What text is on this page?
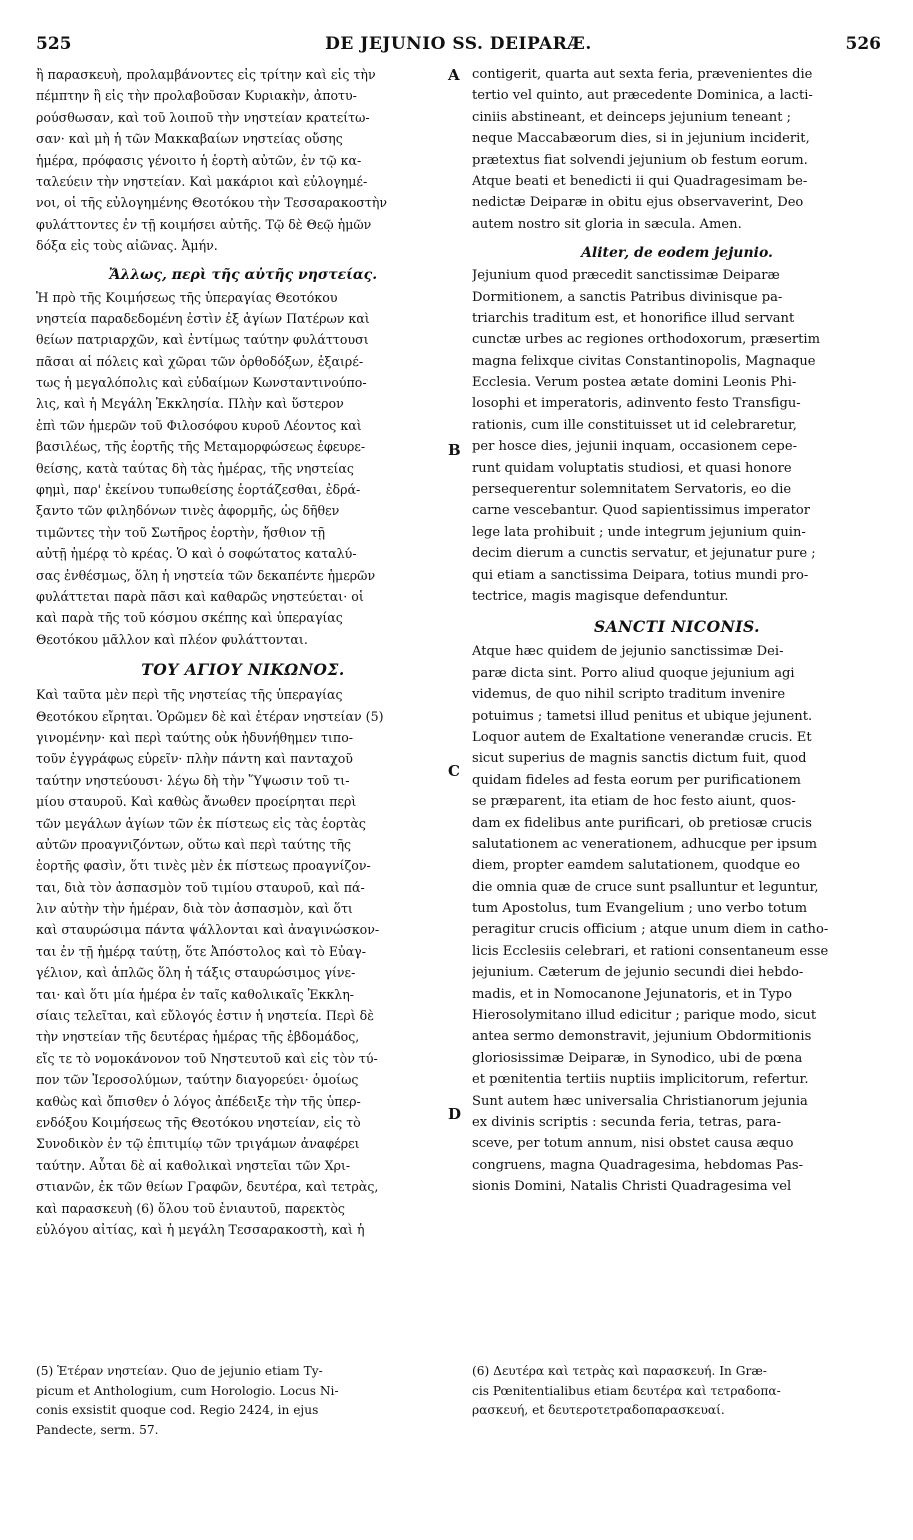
525	DE JEJUNIO SS. DEIPARÆ.	526
A
B
C
D
ἢ παρασκευὴ, προλαμβάνοντες εἰς τρίτην καὶ εἰς τὴν
πέμπτην ἢ εἰς τὴν προλαβοῦσαν Κυριακὴν, ἀποτυ-
ρούσθωσαν, καὶ τοῦ λοιποῦ τὴν νηστείαν κρατείτω-
σαν· καὶ μὴ ἡ τῶν Μακκαβαίων νηστείας οὔσης
ἡμέρα, πρόφασις γένοιτο ἡ ἑορτὴ αὐτῶν, ἐν τῷ κα-
ταλεύειν τὴν νηστείαν. Καὶ μακάριοι καὶ εὐλογημέ-
νοι, οἱ τῆς εὐλογημένης Θεοτόκου τὴν Τεσσαρακοστὴν
φυλάττοντες ἐν τῇ κοιμήσει αὐτῆς. Τῷ δὲ Θεῷ ἡμῶν
δόξα εἰς τοὺς αἰῶνας. Ἀμήν.
Ἄλλως, περὶ τῆς αὐτῆς νηστείας.
Ἡ πρὸ τῆς Κοιμήσεως τῆς ὑπεραγίας Θεοτόκου
νηστεία παραδεδομένη ἐστὶν ἐξ ἁγίων Πατέρων καὶ
θείων πατριαρχῶν, καὶ ἐντίμως ταύτην φυλάττουσι
πᾶσαι αἱ πόλεις καὶ χῶραι τῶν ὀρθοδόξων, ἐξαιρέ-
τως ἡ μεγαλόπολις καὶ εὐδαίμων Κωνσταντινούπο-
λις, καὶ ἡ Μεγάλη Ἐκκλησία. Πλὴν καὶ ὕστερον
ἐπὶ τῶν ἡμερῶν τοῦ Φιλοσόφου κυροῦ Λέοντος καὶ
βασιλέως, τῆς ἑορτῆς τῆς Μεταμορφώσεως ἐφευρε-
θείσης, κατὰ ταύτας δὴ τὰς ἡμέρας, τῆς νηστείας
φημὶ, παρ' ἐκείνου τυπωθείσης ἑορτάζεσθαι, ἐδρά-
ξαντο τῶν φιληδόνων τινὲς ἀφορμῆς, ὡς δῆθεν
τιμῶντες τὴν τοῦ Σωτῆρος ἑορτὴν, ἤσθιον τῇ
αὐτῇ ἡμέρᾳ τὸ κρέας. Ὁ καὶ ὁ σοφώτατος καταλύ-
σας ἐνθέσμως, ὅλη ἡ νηστεία τῶν δεκαπέντε ἡμερῶν
φυλάττεται παρὰ πᾶσι καὶ καθαρῶς νηστεύεται· οἱ
καὶ παρὰ τῆς τοῦ κόσμου σκέπης καὶ ὑπεραγίας
Θεοτόκου μᾶλλον καὶ πλέον φυλάττονται.
ΤΟΥ ΑΓΙΟΥ ΝΙΚΩΝΟΣ.
Καὶ ταῦτα μὲν περὶ τῆς νηστείας τῆς ὑπεραγίας
Θεοτόκου εἴρηται. Ὁρῶμεν δὲ καὶ ἑτέραν νηστείαν (5)
γινομένην· καὶ περὶ ταύτης οὐκ ἠδυνήθημεν τιπο-
τοῦν ἐγγράφως εὑρεῖν· πλὴν πάντη καὶ πανταχοῦ
ταύτην νηστεύουσι· λέγω δὴ τὴν Ὕψωσιν τοῦ τι-
μίου σταυροῦ. Καὶ καθὼς ἄνωθεν προείρηται περὶ
τῶν μεγάλων ἁγίων τῶν ἐκ πίστεως εἰς τὰς ἑορτὰς
αὐτῶν προαγνιζόντων, οὕτω καὶ περὶ ταύτης τῆς
ἑορτῆς φασὶν, ὅτι τινὲς μὲν ἐκ πίστεως προαγνίζον-
ται, διὰ τὸν ἀσπασμὸν τοῦ τιμίου σταυροῦ, καὶ πά-
λιν αὐτὴν τὴν ἡμέραν, διὰ τὸν ἀσπασμὸν, καὶ ὅτι
καὶ σταυρώσιμα πάντα ψάλλονται καὶ ἀναγινώσκον-
ται ἐν τῇ ἡμέρᾳ ταύτῃ, ὅτε Ἀπόστολος καὶ τὸ Εὐαγ-
γέλιον, καὶ ἁπλῶς ὅλη ἡ τάξις σταυρώσιμος γίνε-
ται· καὶ ὅτι μία ἡμέρα ἐν ταῖς καθολικαῖς Ἐκκλη-
σίαις τελεῖται, καὶ εὔλογός ἐστιν ἡ νηστεία. Περὶ δὲ
τὴν νηστείαν τῆς δευτέρας ἡμέρας τῆς ἑβδομάδος,
εἴς τε τὸ νομοκάνονον τοῦ Νηστευτοῦ καὶ εἰς τὸν τύ-
πον τῶν Ἱεροσολύμων, ταύτην διαγορεύει· ὁμοίως
καθὼς καὶ ὄπισθεν ὁ λόγος ἀπέδειξε τὴν τῆς ὑπερ-
ενδόξου Κοιμήσεως τῆς Θεοτόκου νηστείαν, εἰς τὸ
Συνοδικὸν ἐν τῷ ἐπιτιμίῳ τῶν τριγάμων ἀναφέρει
ταύτην. Αὗται δὲ αἱ καθολικαὶ νηστεῖαι τῶν Χρι-
στιανῶν, ἐκ τῶν θείων Γραφῶν, δευτέρα, καὶ τετρὰς,
καὶ παρασκευὴ (6) ὅλου τοῦ ἐνιαυτοῦ, παρεκτὸς
εὐλόγου αἰτίας, καὶ ἡ μεγάλη Τεσσαρακοστὴ, καὶ ἡ
contigerit, quarta aut sexta feria, prævenientes die
tertio vel quinto, aut præcedente Dominica, a lacti-
ciniis abstineant, et deinceps jejunium teneant ;
neque Maccabæorum dies, si in jejunium inciderit,
prætextus fiat solvendi jejunium ob festum eorum.
Atque beati et benedicti ii qui Quadragesimam be-
nedictæ Deiparæ in obitu ejus observaverint, Deo
autem nostro sit gloria in sæcula. Amen.
Aliter, de eodem jejunio.
Jejunium quod præcedit sanctissimæ Deiparæ
Dormitionem, a sanctis Patribus divinisque pa-
triarchis traditum est, et honorifice illud servant
cunctæ urbes ac regiones orthodoxorum, præsertim
magna felixque civitas Constantinopolis, Magnaque
Ecclesia. Verum postea ætate domini Leonis Phi-
losophi et imperatoris, adinvento festo Transfigu-
rationis, cum ille constituisset ut id celebraretur,
per hosce dies, jejunii inquam, occasionem cepe-
runt quidam voluptatis studiosi, et quasi honore
persequerentur solemnitatem Servatoris, eo die
carne vescebantur. Quod sapientissimus imperator
lege lata prohibuit ; unde integrum jejunium quin-
decim dierum a cunctis servatur, et jejunatur pure ;
qui etiam a sanctissima Deipara, totius mundi pro-
tectrice, magis magisque defenduntur.
SANCTI NICONIS.
Atque hæc quidem de jejunio sanctissimæ Dei-
paræ dicta sint. Porro aliud quoque jejunium agi
videmus, de quo nihil scripto traditum invenire
potuimus ; tametsi illud penitus et ubique jejunent.
Loquor autem de Exaltatione venerandæ crucis. Et
sicut superius de magnis sanctis dictum fuit, quod
quidam fideles ad festa eorum per purificationem
se præparent, ita etiam de hoc festo aiunt, quos-
dam ex fidelibus ante purificari, ob pretiosæ crucis
salutationem ac venerationem, adhucque per ipsum
diem, propter eamdem salutationem, quodque eo
die omnia quæ de cruce sunt psalluntur et leguntur,
tum Apostolus, tum Evangelium ; uno verbo totum
peragitur crucis officium ; atque unum diem in catho-
licis Ecclesiis celebrari, et rationi consentaneum esse
jejunium. Cæterum de jejunio secundi diei hebdo-
madis, et in Nomocanone Jejunatoris, et in Typo
Hierosolymitano illud edicitur ; parique modo, sicut
antea sermo demonstravit, jejunium Obdormitionis
gloriosissimæ Deiparæ, in Synodico, ubi de pœna
et pœnitentia tertiis nuptiis implicitorum, refertur.
Sunt autem hæc universalia Christianorum jejunia
ex divinis scriptis : secunda feria, tetras, para-
sceve, per totum annum, nisi obstet causa æquo
congruens, magna Quadragesima, hebdomas Pas-
sionis Domini, Natalis Christi Quadragesima vel
(5) Ἑτέραν νηστείαν. Quo de jejunio etiam Ty-
picum et Anthologium, cum Horologio. Locus Ni-
conis exsistit quoque cod. Regio 2424, in ejus
Pandecte, serm. 57.
(6) Δευτέρα καὶ τετρὰς καὶ παρασκευή. In Græ-
cis Pœnitentialibus etiam δευτέρα καὶ τετραδοπα-
ρασκευή, et δευτεροτετραδοπαρασκευαί.
